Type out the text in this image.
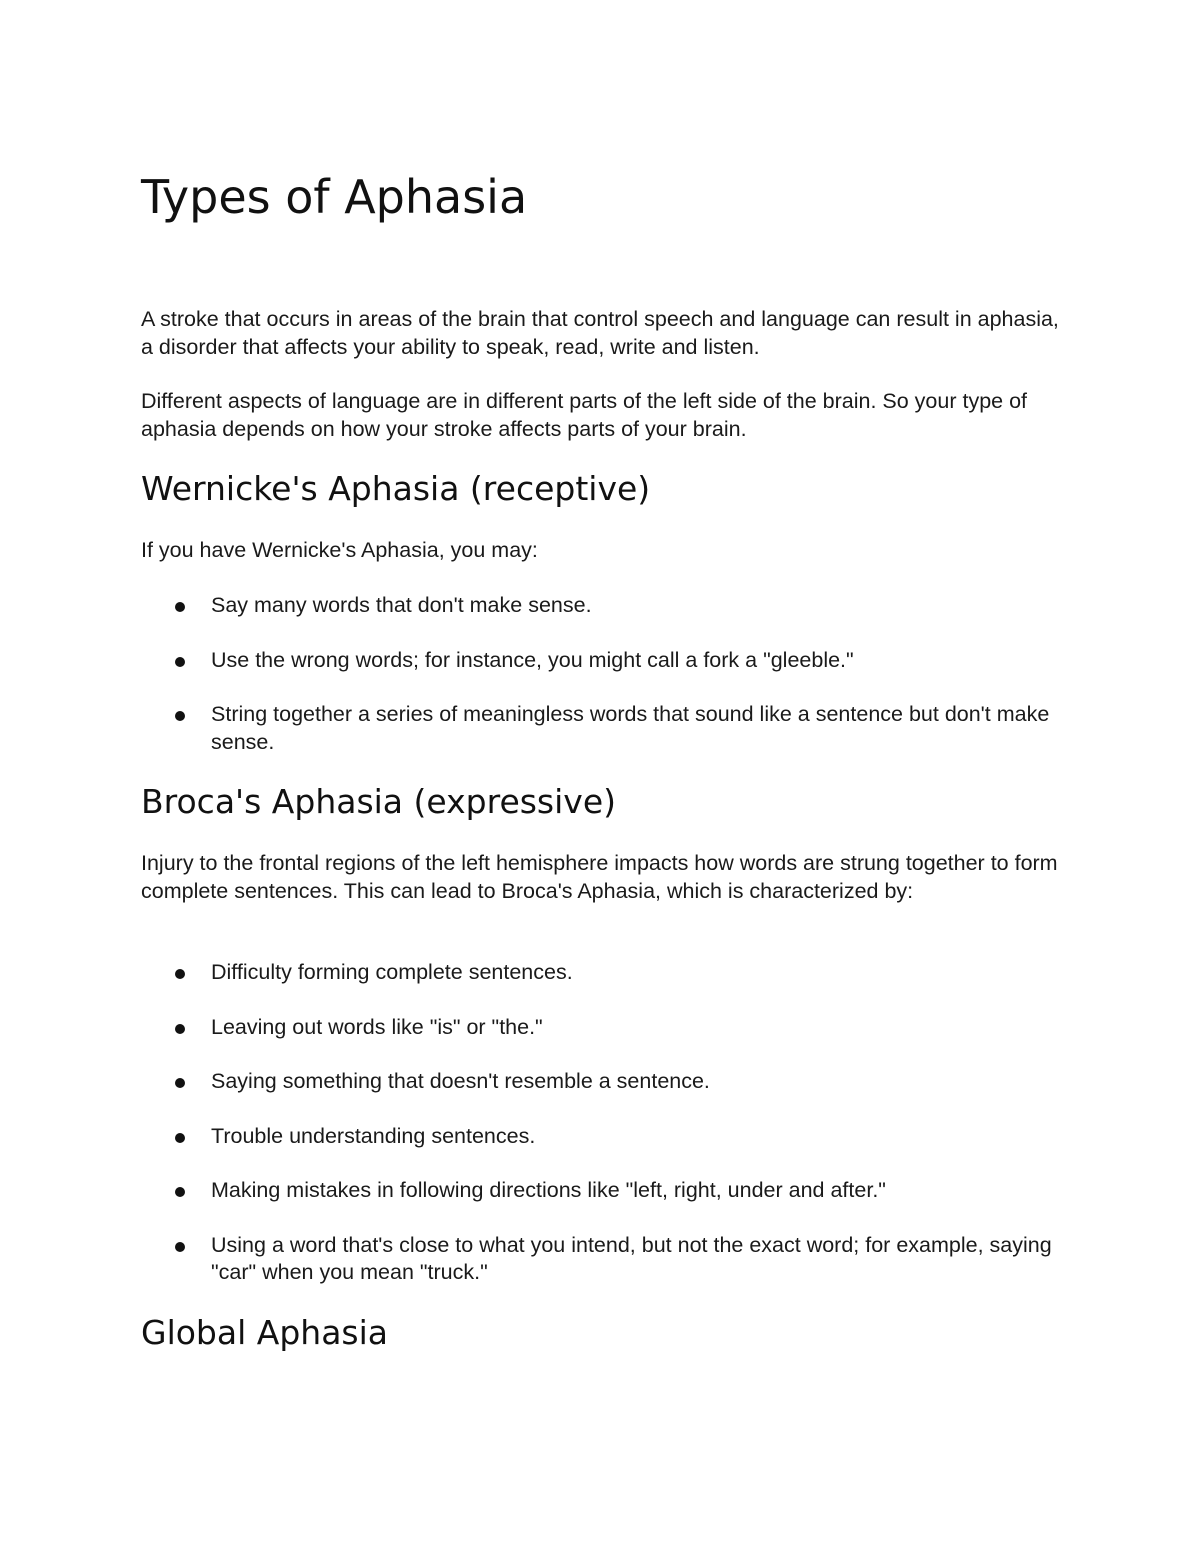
Types of Aphasia

A stroke that occurs in areas of the brain that control speech and language can result in aphasia, a disorder that affects your ability to speak, read, write and listen.

Different aspects of language are in different parts of the left side of the brain. So your type of aphasia depends on how your stroke affects parts of your brain.

Wernicke's Aphasia (receptive)

If you have Wernicke's Aphasia, you may:

Say many words that don't make sense.
Use the wrong words; for instance, you might call a fork a "gleeble."
String together a series of meaningless words that sound like a sentence but don't make sense.
Broca's Aphasia (expressive)

Injury to the frontal regions of the left hemisphere impacts how words are strung together to form complete sentences. This can lead to Broca's Aphasia, which is characterized by:

Difficulty forming complete sentences.
Leaving out words like "is" or "the."
Saying something that doesn't resemble a sentence.
Trouble understanding sentences.
Making mistakes in following directions like "left, right, under and after."
Using a word that's close to what you intend, but not the exact word; for example, saying "car" when you mean "truck."
Global Aphasia
